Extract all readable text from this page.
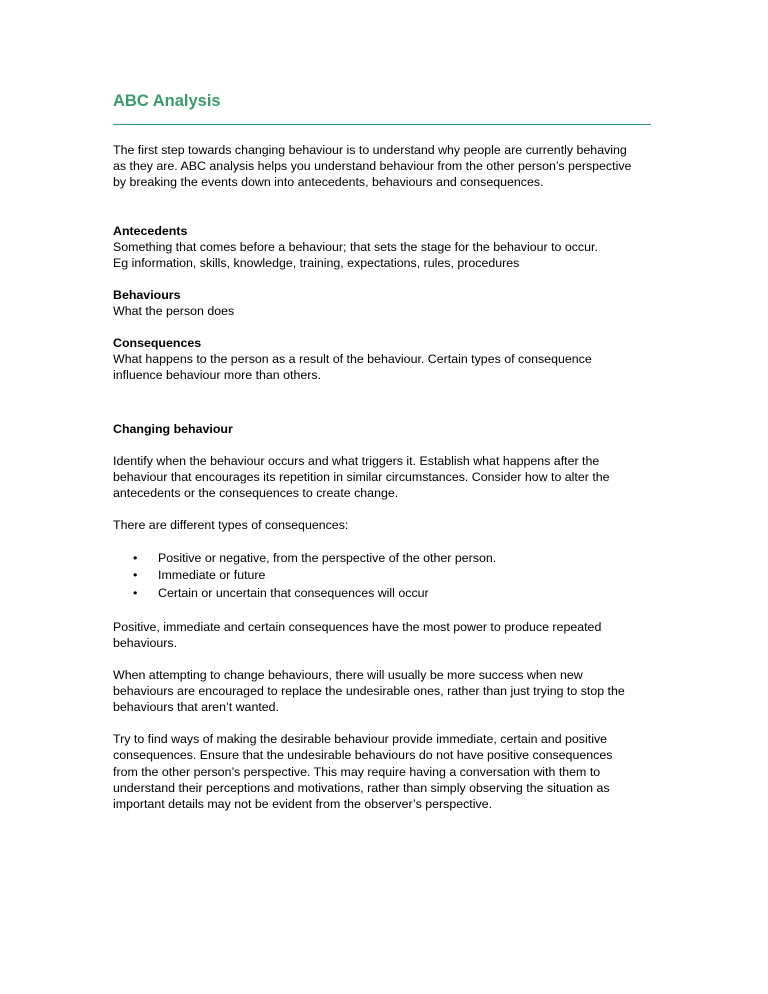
ABC Analysis

The first step towards changing behaviour is to understand why people are currently behaving as they are. ABC analysis helps you understand behaviour from the other person’s perspective by breaking the events down into antecedents, behaviours and consequences.

Antecedents
Something that comes before a behaviour; that sets the stage for the behaviour to occur.
Eg information, skills, knowledge, training, expectations, rules, procedures
Behaviours
What the person does
Consequences
What happens to the person as a result of the behaviour. Certain types of consequence
influence behaviour more than others.
Changing behaviour

Identify when the behaviour occurs and what triggers it. Establish what happens after the behaviour that encourages its repetition in similar circumstances. Consider how to alter the antecedents or the consequences to create change.

There are different types of consequences:

• Positive or negative, from the perspective of the other person.
• Immediate or future
• Certain or uncertain that consequences will occur

Positive, immediate and certain consequences have the most power to produce repeated behaviours.

When attempting to change behaviours, there will usually be more success when new behaviours are encouraged to replace the undesirable ones, rather than just trying to stop the behaviours that aren’t wanted.

Try to find ways of making the desirable behaviour provide immediate, certain and positive consequences. Ensure that the undesirable behaviours do not have positive consequences from the other person’s perspective. This may require having a conversation with them to understand their perceptions and motivations, rather than simply observing the situation as important details may not be evident from the observer’s perspective.
